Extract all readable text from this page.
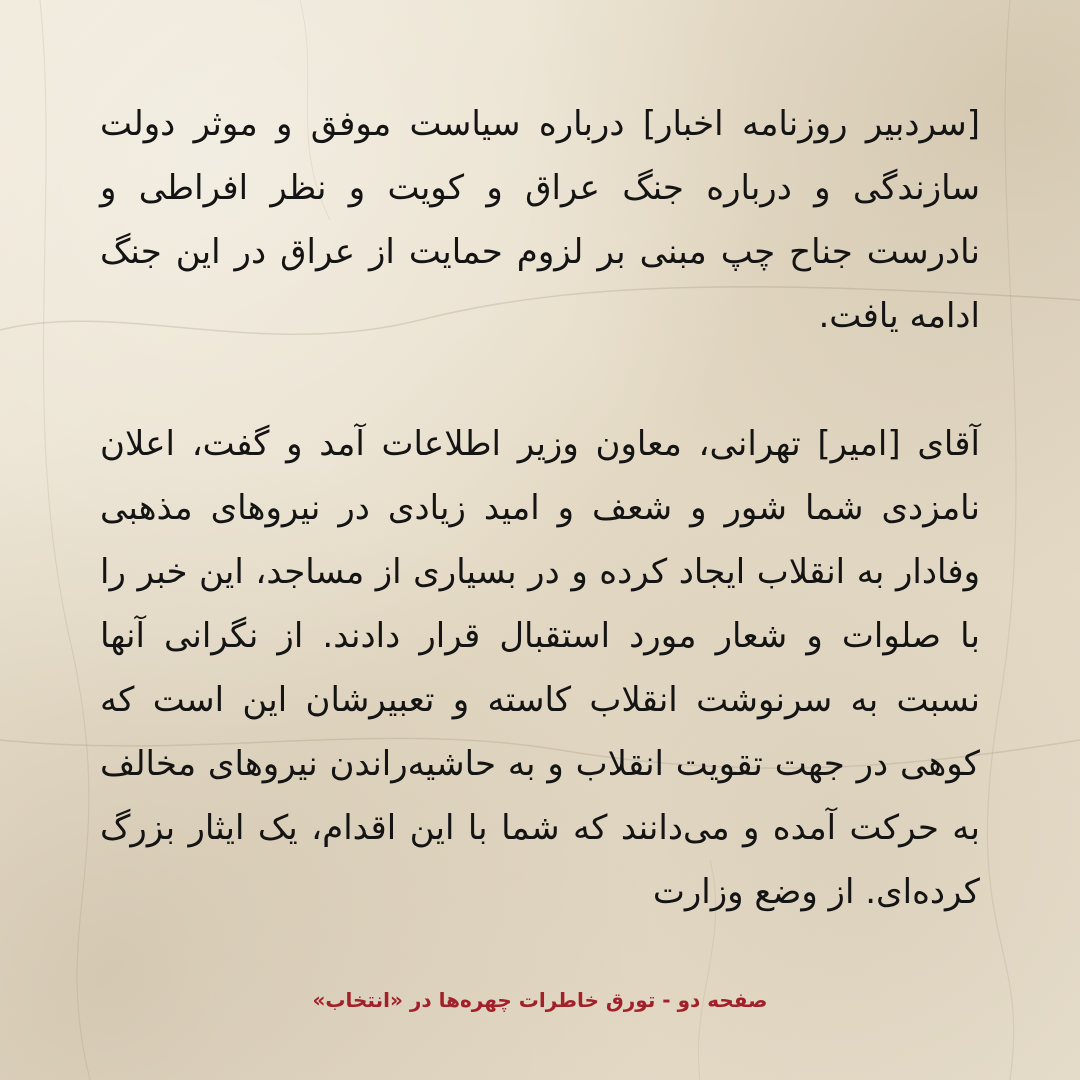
[سردبیر روزنامه اخبار] درباره سیاست موفق و موثر دولت سازندگی و درباره جنگ عراق و کویت و نظر افراطی و نادرست جناح چپ مبنی بر لزوم حمایت از عراق در این جنگ ادامه یافت.

آقای [امیر] تهرانی، معاون وزیر اطلاعات آمد و گفت، اعلان نامزدی شما شور و شعف و امید زیادی در نیروهای مذهبی وفادار به انقلاب ایجاد کرده و در بسیاری از مساجد، این خبر را با صلوات و شعار مورد استقبال قرار دادند. از نگرانی آنها نسبت به سرنوشت انقلاب کاسته و تعبیرشان این است که کوهی در جهت تقویت انقلاب و به حاشیه‌راندن نیروهای مخالف به حرکت آمده و می‌دانند که شما با این اقدام، یک ایثار بزرگ کرده‌ای. از وضع وزارت

صفحه دو - تورق خاطرات چهره‌ها در «انتخاب»
